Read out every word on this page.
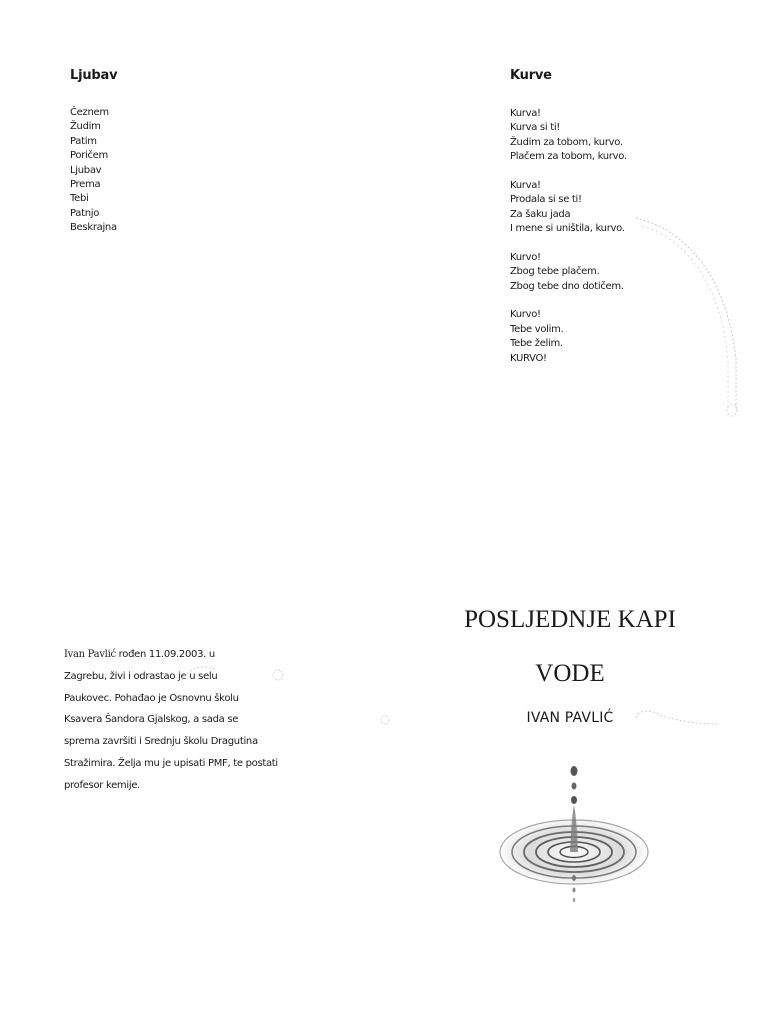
Ljubav
Čeznem
Žudim
Patim
Poričem
Ljubav
Prema
Tebi
Patnjo
Beskrajna
Kurve
Kurva!
Kurva si ti!
Žudim za tobom, kurvo.
Plačem za tobom, kurvo.
Kurva!
Prodala si se ti!
Za šaku jada
I mene si uništila, kurvo.
Kurvo!
Zbog tebe plačem.
Zbog tebe dno dotičem.
Kurvo!
Tebe volim.
Tebe želim.
KURVO!
Ivan Pavlić rođen 11.09.2003. u
Zagrebu, živi i odrastao je u selu
Paukovec. Pohađao je Osnovnu školu
Ksavera Šandora Gjalskog, a sada se
sprema završiti i Srednju školu Dragutina
Stražimira. Želja mu je upisati PMF, te postati
profesor kemije.
POSLJEDNJE KAPI
VODE
IVAN PAVLIĆ
